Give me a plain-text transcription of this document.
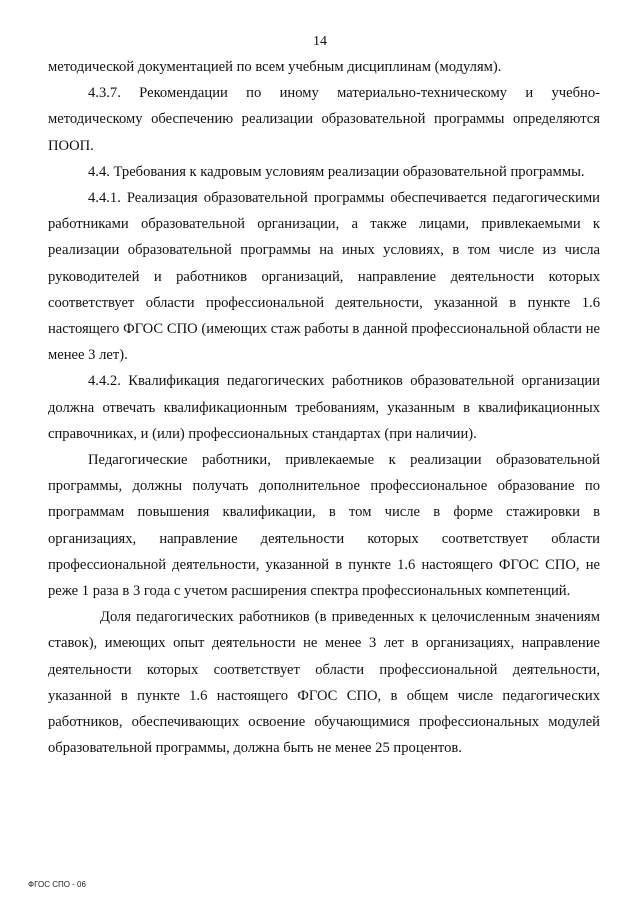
14

методической документацией по всем учебным дисциплинам (модулям).

4.3.7. Рекомендации по иному материально-техническому и учебно-методическому обеспечению реализации образовательной программы определяются ПООП.

4.4. Требования к кадровым условиям реализации образовательной программы.

4.4.1. Реализация образовательной программы обеспечивается педагогическими работниками образовательной организации, а также лицами, привлекаемыми к реализации образовательной программы на иных условиях, в том числе из числа руководителей и работников организаций, направление деятельности которых соответствует области профессиональной деятельности, указанной в пункте 1.6 настоящего ФГОС СПО (имеющих стаж работы в данной профессиональной области не менее 3 лет).

4.4.2. Квалификация педагогических работников образовательной организации должна отвечать квалификационным требованиям, указанным в квалификационных справочниках, и (или) профессиональных стандартах (при наличии).

Педагогические работники, привлекаемые к реализации образовательной программы, должны получать дополнительное профессиональное образование по программам повышения квалификации, в том числе в форме стажировки в организациях, направление деятельности которых соответствует области профессиональной деятельности, указанной в пункте 1.6 настоящего ФГОС СПО, не реже 1 раза в 3 года с учетом расширения спектра профессиональных компетенций.

Доля педагогических работников (в приведенных к целочисленным значениям ставок), имеющих опыт деятельности не менее 3 лет в организациях, направление деятельности которых соответствует области профессиональной деятельности, указанной в пункте 1.6 настоящего ФГОС СПО, в общем числе педагогических работников, обеспечивающих освоение обучающимися профессиональных модулей образовательной программы, должна быть не менее 25 процентов.

ФГОС СПО - 06
